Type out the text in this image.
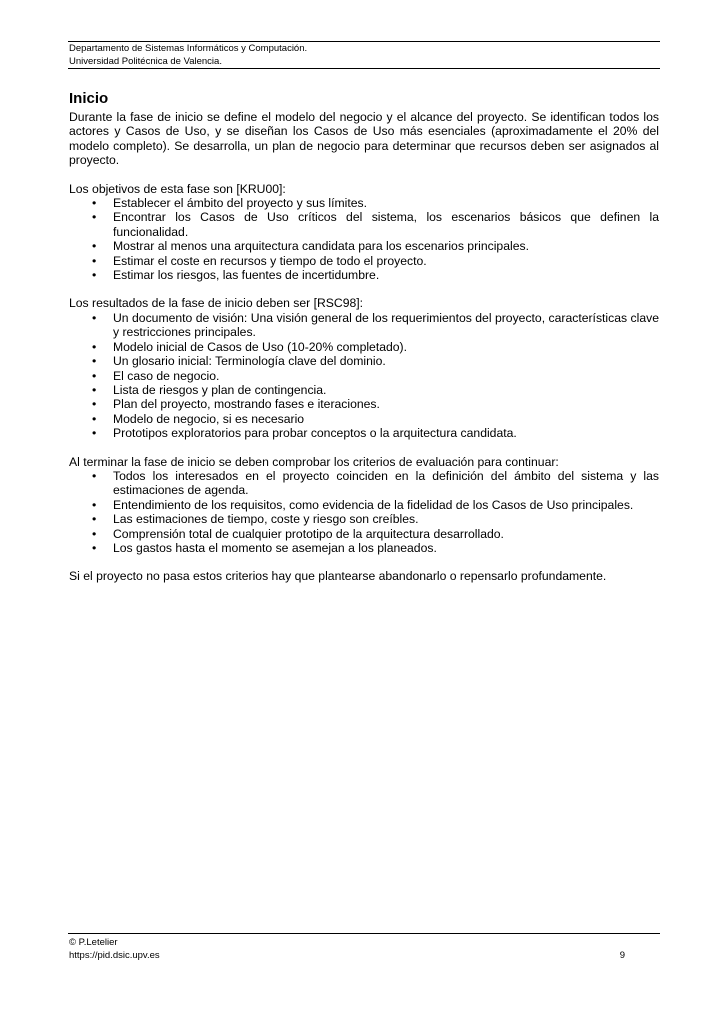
Departamento de Sistemas Informáticos y Computación.
Universidad Politécnica de Valencia.
Inicio

Durante la fase de inicio se define el modelo del negocio y el alcance del proyecto. Se identifican todos los actores y Casos de Uso, y se diseñan los Casos de Uso más esenciales (aproximadamente el 20% del modelo completo). Se desarrolla, un plan de negocio para determinar que recursos deben ser asignados al proyecto.

Los objetivos de esta fase son [KRU00]:

• Establecer el ámbito del proyecto y sus límites.
• Encontrar los Casos de Uso críticos del sistema, los escenarios básicos que definen la funcionalidad.
• Mostrar al menos una arquitectura candidata para los escenarios principales.
• Estimar el coste en recursos y tiempo de todo el proyecto.
• Estimar los riesgos, las fuentes de incertidumbre.

Los resultados de la fase de inicio deben ser [RSC98]:

• Un documento de visión: Una visión general de los requerimientos del proyecto, características clave y restricciones principales.
• Modelo inicial de Casos de Uso (10-20% completado).
• Un glosario inicial: Terminología clave del dominio.
• El caso de negocio.
• Lista de riesgos y plan de contingencia.
• Plan del proyecto, mostrando fases e iteraciones.
• Modelo de negocio, si es necesario
• Prototipos exploratorios para probar conceptos o la arquitectura candidata.

Al terminar la fase de inicio se deben comprobar los criterios de evaluación para continuar:

• Todos los interesados en el proyecto coinciden en la definición del ámbito del sistema y las estimaciones de agenda.
• Entendimiento de los requisitos, como evidencia de la fidelidad de los Casos de Uso principales.
• Las estimaciones de tiempo, coste y riesgo son creíbles.
• Comprensión total de cualquier prototipo de la arquitectura desarrollado.
• Los gastos hasta el momento se asemejan a los planeados.

Si el proyecto no pasa estos criterios hay que plantearse abandonarlo o repensarlo profundamente.

© P.Letelier
https://pid.dsic.upv.es	9
